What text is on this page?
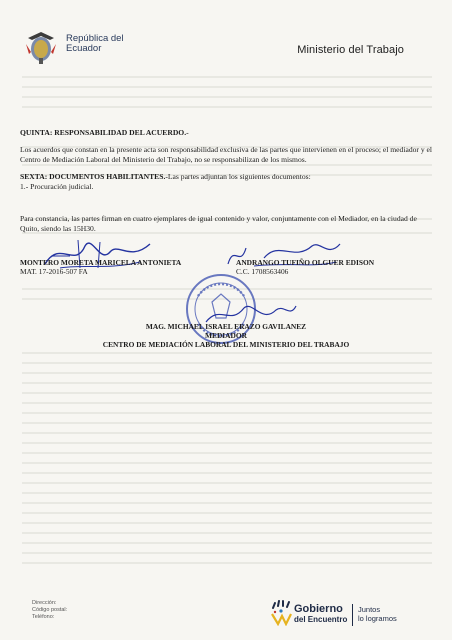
República del Ecuador	Ministerio del Trabajo

QUINTA: RESPONSABILIDAD DEL ACUERDO.-

Los acuerdos que constan en la presente acta son responsabilidad exclusiva de las partes que intervienen en el proceso; el mediador y el Centro de Mediación Laboral del Ministerio del Trabajo, no se responsabilizan de los mismos.

SEXTA: DOCUMENTOS HABILITANTES.-Las partes adjuntan los siguientes documentos:

1.- Procuración judicial.

Para constancia, las partes firman en cuatro ejemplares de igual contenido y valor, conjuntamente con el Mediador, en la ciudad de Quito, siendo las 15H30.

MONTERO MORETA MARICELA ANTONIETA
MAT. 17-2016-507 FA
ANDRANGO TUFIÑO OLGUER EDISON
C.C. 1708563406
MAG. MICHAEL ISRAEL ERAZO GAVILANEZ
MEDIADOR
CENTRO DE MEDIACIÓN LABORAL DEL MINISTERIO DEL TRABAJO
Dirección:
Código postal:
Teléfono:
Gobierno
del Encuentro
Juntos
lo logramos
